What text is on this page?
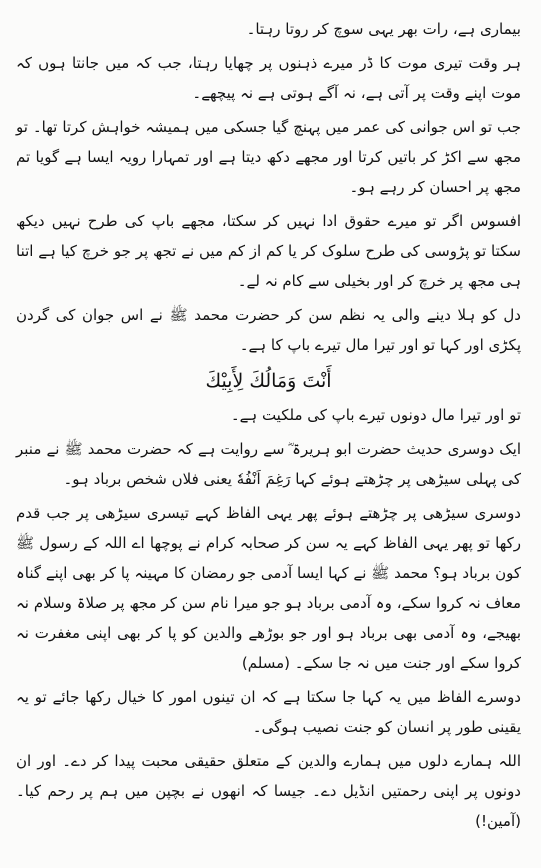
بیماری ہے، رات بھر یہی سوچ کر روتا رہتا۔

ہر وقت تیری موت کا ڈر میرے ذہنوں پر چھایا رہتا، جب کہ میں جانتا ہوں کہ موت اپنے وقت پر آتی ہے، نہ آگے ہوتی ہے نہ پیچھے۔

جب تو اس جوانی کی عمر میں پہنچ گیا جسکی میں ہمیشہ خواہش کرتا تھا۔ تو مجھ سے اکڑ کر باتیں کرتا اور مجھے دکھ دیتا ہے اور تمہارا رویہ ایسا ہے گویا تم مجھ پر احسان کر رہے ہو۔

افسوس اگر تو میرے حقوق ادا نہیں کر سکتا، مجھے باپ کی طرح نہیں دیکھ سکتا تو پڑوسی کی طرح سلوک کر یا کم از کم میں نے تجھ پر جو خرچ کیا ہے اتنا ہی مجھ پر خرچ کر اور بخیلی سے کام نہ لے۔

دل کو ہلا دینے والی یہ نظم سن کر حضرت محمد ﷺ نے اس جوان کی گردن پکڑی اور کہا تو اور تیرا مال تیرے باپ کا ہے۔

أَنْتَ وَمَالُكَ لِأَبِيْكَ

تو اور تیرا مال دونوں تیرے باپ کی ملکیت ہے۔

ایک دوسری حدیث حضرت ابو ہریرۃ ؓ سے روایت ہے کہ حضرت محمد ﷺ نے منبر کی پہلی سیڑھی پر چڑھتے ہوئے کہا رَغِمَ اَنْفُهٗ یعنی فلاں شخص برباد ہو۔

دوسری سیڑھی پر چڑھتے ہوئے پھر یہی الفاظ کہے تیسری سیڑھی پر جب قدم رکھا تو پھر یہی الفاظ کہے یہ سن کر صحابہ کرام نے پوچھا اے اللہ کے رسول ﷺ کون برباد ہو؟ محمد ﷺ نے کہا ایسا آدمی جو رمضان کا مہینہ پا کر بھی اپنے گناہ معاف نہ کروا سکے، وہ آدمی برباد ہو جو میرا نام سن کر مجھ پر صلاۃ وسلام نہ بھیجے، وہ آدمی بھی برباد ہو اور جو بوڑھے والدین کو پا کر بھی اپنی مغفرت نہ کروا سکے اور جنت میں نہ جا سکے۔ (مسلم)

دوسرے الفاظ میں یہ کہا جا سکتا ہے کہ ان تینوں امور کا خیال رکھا جائے تو یہ یقینی طور پر انسان کو جنت نصیب ہوگی۔

اللہ ہمارے دلوں میں ہمارے والدین کے متعلق حقیقی محبت پیدا کر دے۔ اور ان دونوں پر اپنی رحمتیں انڈیل دے۔ جیسا کہ انھوں نے بچپن میں ہم پر رحم کیا۔ (آمین!)
